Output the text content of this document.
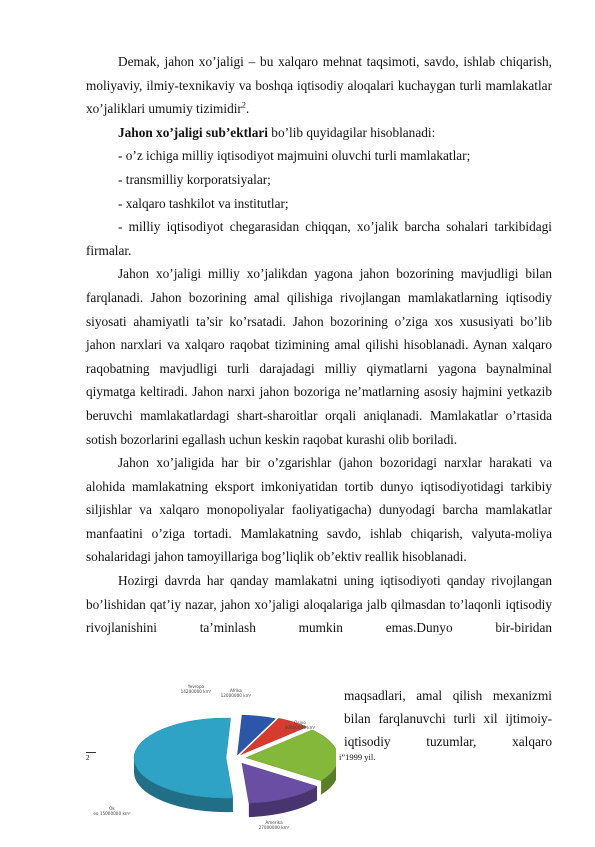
Demak, jahon xo’jaligi – bu xalqaro mehnat taqsimoti, savdo, ishlab chiqarish, moliyaviy, ilmiy-texnikaviy va boshqa iqtisodiy aloqalari kuchaygan turli mamlakatlar xo’jaliklari umumiy tizimidir$^2$.

Jahon xo’jaligi sub’ektlari bo’lib quyidagilar hisoblanadi:

- o’z ichiga milliy iqtisodiyot majmuini oluvchi turli mamlakatlar;

- transmilliy korporatsiyalar;

- xalqaro tashkilot va institutlar;

- milliy iqtisodiyot chegarasidan chiqqan, xo’jalik barcha sohalari tarkibidagi firmalar.

Jahon xo’jaligi milliy xo’jalikdan yagona jahon bozorining mavjudligi bilan farqlanadi. Jahon bozorining amal qilishiga rivojlangan mamlakatlarning iqtisodiy siyosati ahamiyatli ta’sir ko’rsatadi. Jahon bozorining o’ziga xos xususiyati bo’lib jahon narxlari va xalqaro raqobat tizimining amal qilishi hisoblanadi. Aynan xalqaro raqobatning mavjudligi turli darajadagi milliy qiymatlarni yagona baynalminal qiymatga keltiradi. Jahon narxi jahon bozoriga ne’matlarning asosiy hajmini yetkazib beruvchi mamlakatlardagi shart-sharoitlar orqali aniqlanadi. Mamlakatlar o’rtasida sotish bozorlarini egallash uchun keskin raqobat kurashi olib boriladi.

Jahon xo’jaligida har bir o’zgarishlar (jahon bozoridagi narxlar harakati va alohida mamlakatning eksport imkoniyatidan tortib dunyo iqtisodiyotidagi tarkibiy siljishlar va xalqaro monopoliyalar faoliyatigacha) dunyodagi barcha mamlakatlar manfaatini o’ziga tortadi. Mamlakatning savdo, ishlab chiqarish, valyuta-moliya sohalaridagi jahon tamoyillariga bog’liqlik ob’ektiv reallik hisoblanadi.

Hozirgi davrda har qanday mamlakatni uning iqtisodiyoti qanday rivojlangan bo’lishidan qat’iy nazar, jahon xo’jaligi aloqalariga jalb qilmasdan to’laqonli iqtisodiy rivojlanishini ta’minlash mumkin emas.Dunyo bir-biridan

maqsadlari, amal qilish mexanizmi
bilan farqlanuvchi turli xil ijtimoiy-
iqtisodiy tuzumlar, xalqaro
2	i”1999 yil.
Yevropa 14200000 km²	Afrika 12000000 km²
Osiyo 40000000 km²
Amerika 27000000 km²
Ok eo 15000000 km²
